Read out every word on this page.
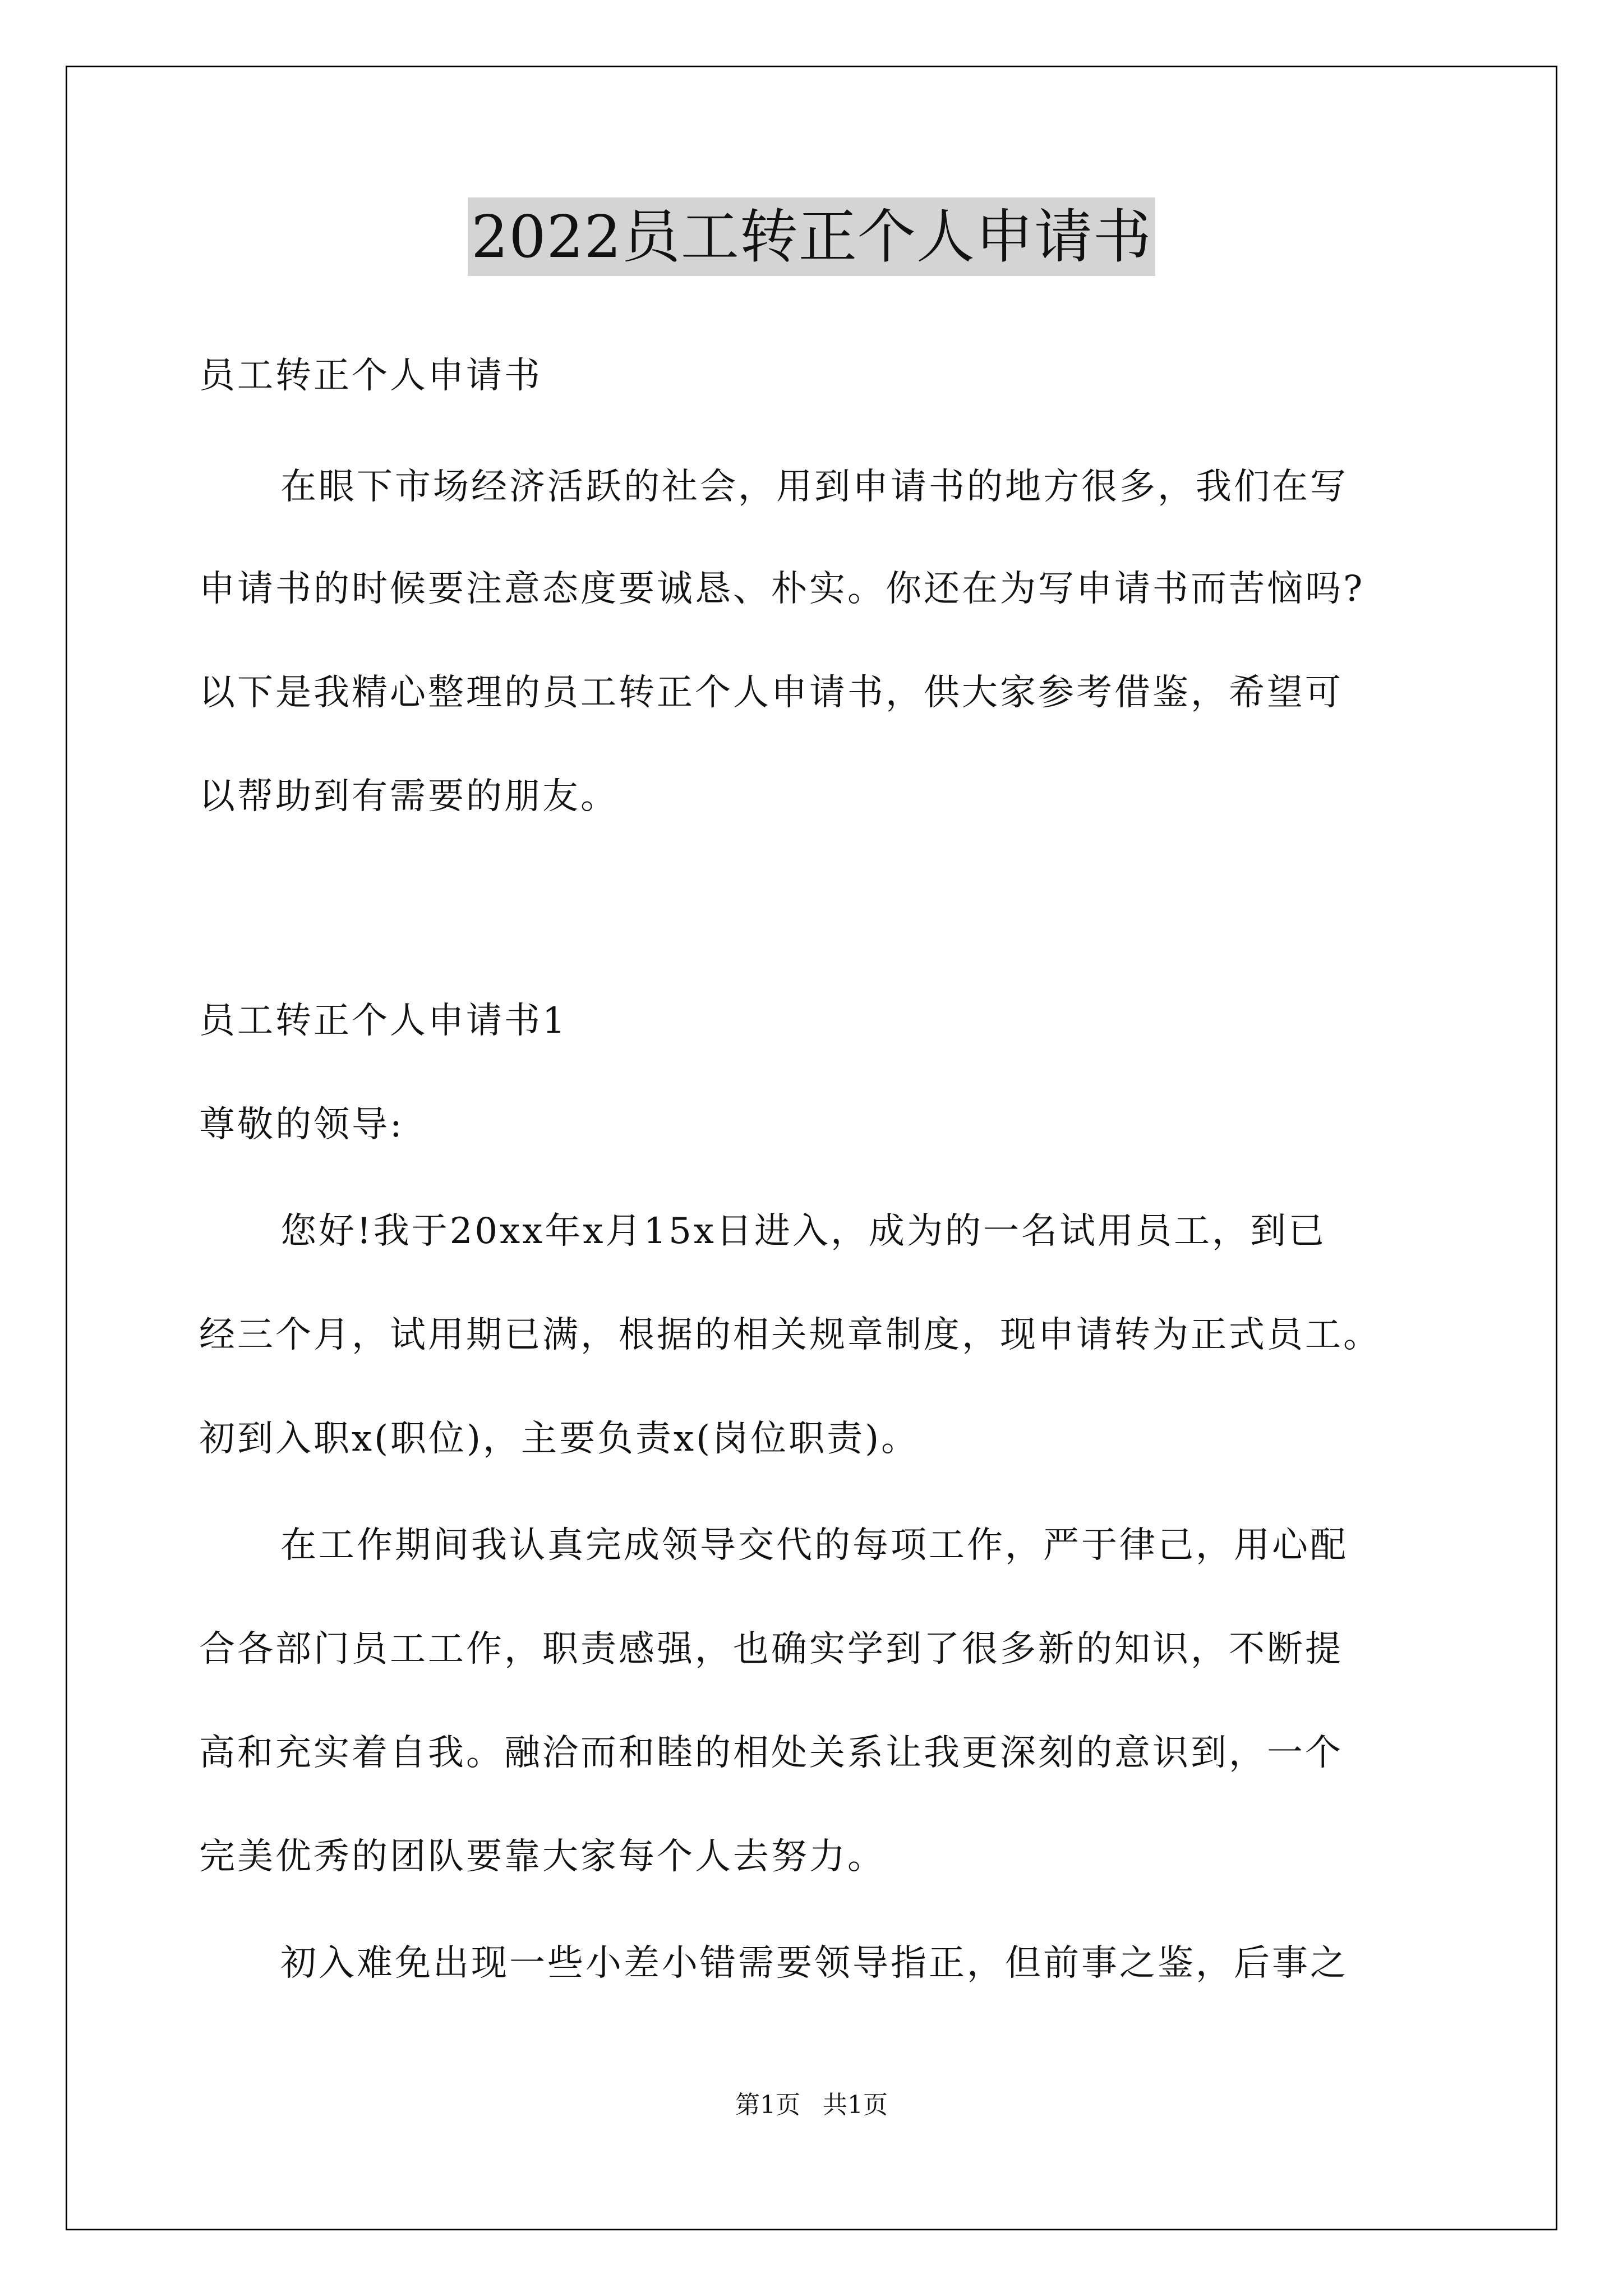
2022员工转正个人申请书
员工转正个人申请书
在眼下市场经济活跃的社会，用到申请书的地方很多，我们在写
申请书的时候要注意态度要诚恳、朴实。你还在为写申请书而苦恼吗?
以下是我精心整理的员工转正个人申请书，供大家参考借鉴，希望可
以帮助到有需要的朋友。
员工转正个人申请书1
尊敬的领导:
您好!我于20xx年x月15x日进入，成为的一名试用员工，到已
经三个月，试用期已满，根据的相关规章制度，现申请转为正式员工。
初到入职x(职位)，主要负责x(岗位职责)。
在工作期间我认真完成领导交代的每项工作，严于律己，用心配
合各部门员工工作，职责感强，也确实学到了很多新的知识，不断提
高和充实着自我。融洽而和睦的相处关系让我更深刻的意识到，一个
完美优秀的团队要靠大家每个人去努力。
初入难免出现一些小差小错需要领导指正，但前事之鉴，后事之
第1页 共1页
